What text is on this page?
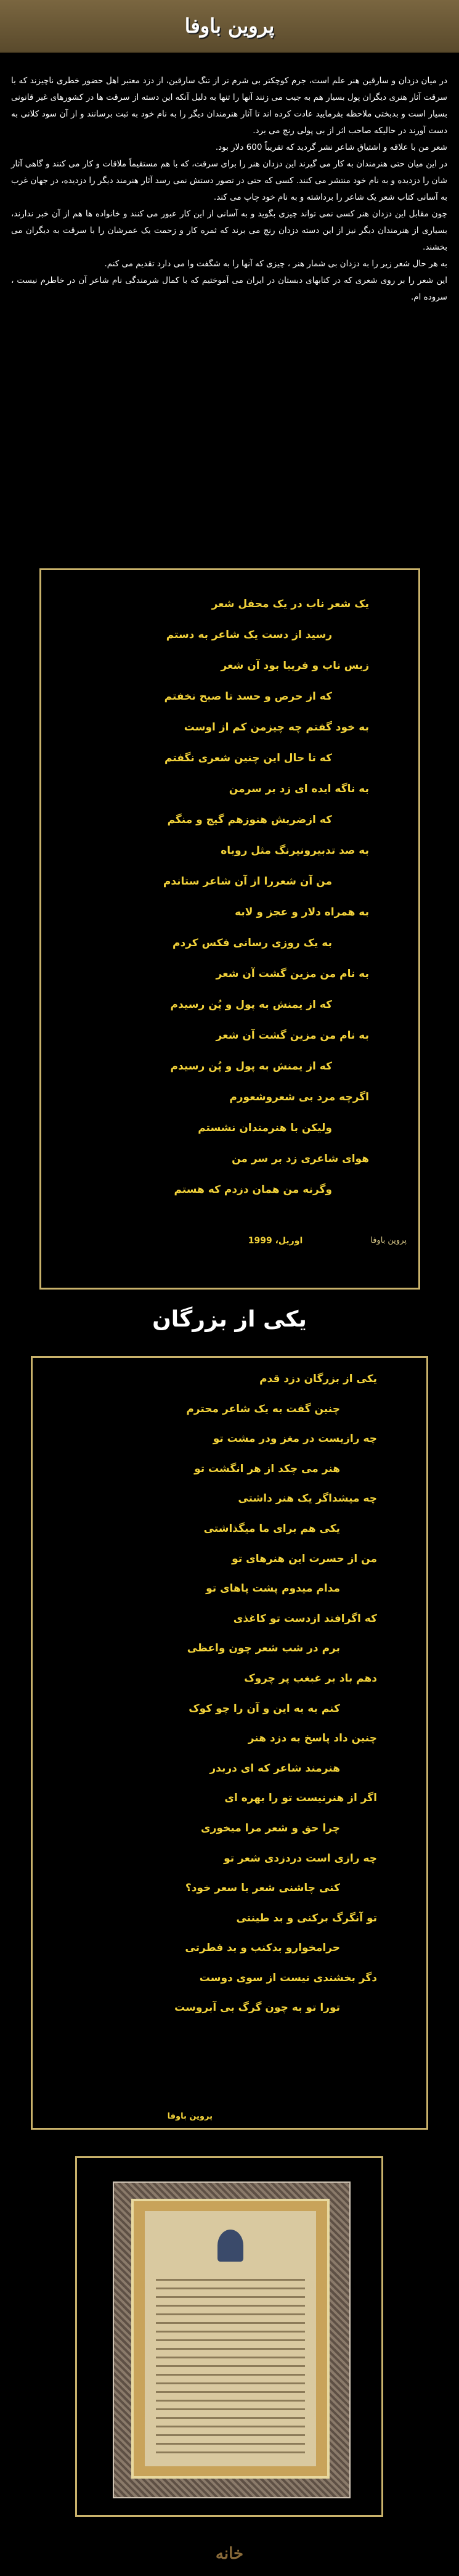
پروین باوفا

در میان دزدان و سارقین هنر علم است، جرم کوچکتر بی شرم تر از تنگ سارقین، از دزد معتبر اهل حضور خطری ناچیزند که با سرقت آثار هنری دیگران پول بسیار هم به جیب می زنند آنها را تنها به دلیل آنکه این دسته از سرقت ها در کشورهای غیر قانونی بسیار است و بدبختی ملاحظه بفرمایید عادت کرده اند تا آثار هنرمندان دیگر را به نام خود به ثبت برسانند و از آن سود کلانی به دست آورند در حالیکه صاحب اثر از بی پولی رنج می برد.

شعر من با علاقه و اشتیاق شاعر نشر گردید که تقریباً 600 دلار بود.

در این میان حتی هنرمندان به کار می گیرند این دزدان هنر را برای سرقت، که با هم مستقیماً ملاقات و کار می کنند و گاهی آثار شان را دزدیده و به نام خود منتشر می کنند. کسی که حتی در تصور دستش نمی رسد آثار هنرمند دیگر را دزدیده، در جهان غرب به آسانی کتاب شعر یک شاعر را برداشته و به نام خود چاپ می کند.

چون مقابل این دزدان هنر کسی نمی تواند چیزی بگوید و به آسانی از این کار عبور می کنند و خانواده ها هم از آن خبر ندارند، بسیاری از هنرمندان دیگر نیز از این دسته دزدان رنج می برند که ثمره کار و زحمت یک عمرشان را با سرقت به دیگران می بخشند.

به هر حال شعر زیر را به دزدان بی شمار هنر ، چیزی که آنها را به شگفت وا می دارد تقدیم می کنم.

این شعر را بر روی شعری که در کتابهای دبستان در ایران می آموختیم که با کمال شرمندگی نام شاعر آن در خاطرم نیست ، سروده ام.

یک شعر ناب در یک محفل شعر
رسید از دست یک شاعر به دستم
زبس ناب و فریبا بود آن شعر
که از حرص و حسد تا صبح نخفتم
به خود گفتم چه چیزمن کم از اوست
که تا حال این چنین شعری نگفتم
به ناگه ایده ای زد بر سرمن
که ازضربش هنوزهم گیج و منگم
به صد تدبیرونیرنگ مثل روباه
من آن شعررا از آن شاعر ستاندم
به همراه دلار و عجز و لابه
به یک روزی رسانی فکس کردم
به نام من مزین گشت آن شعر
که از یمنش به پول و پُن رسیدم
به نام من مزین گشت آن شعر
که از یمنش به پول و پُن رسیدم
اگرچه مرد بی شعروشعورم
ولیکن با هنرمندان نشستم
هوای شاعری زد بر سر من
وگرنه من همان دزدم که هستم
پروین باوفا
اوریل، 1999
یکی از بزرگان
یکی از بزرگان دزد قدم
چنین گفت به یک شاعر محترم
چه رازیست در مغز ودر مشت تو
هنر می چکد از هر انگشت تو
چه میشداگر یک هنر داشتی
یکی هم برای ما میگذاشتی
من از حسرت این هنرهای تو
مدام میدوم پشت پاهای تو
که اگرافتد ازدست تو کاغذی
برم در شب شعر چون واعظی
دهم باد بر غبغب پر چروک
کنم به به این و آن را چو کوک
چنین داد پاسخ به دزد هنر
هنرمند شاعر که ای دربدر
اگر از هنرنیست تو را بهره ای
چرا حق و شعر مرا میخوری
چه رازی است دردزدی شعر تو
کنی چاشنی شعر با سعر خود؟
تو آنگرگ برکنی و بد طینتی
حرامخوارو بدکنب و بد فطرتی
دگر بخشندی نیست از سوی دوست
تورا تو به چون گرگ بی آبروست
پروین باوفا
خانه
